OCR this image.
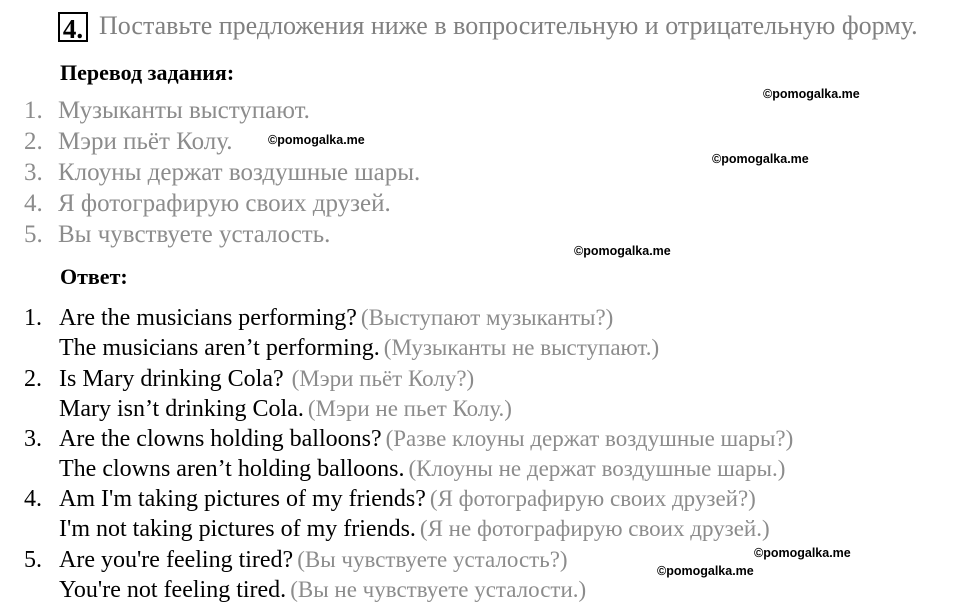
4. Поставьте предложения ниже в вопросительную и отрицательную форму.
Перевод задания:
1. Музыканты выступают.
2. Мэри пьёт Колу.
3. Клоуны держат воздушные шары.
4. Я фотографирую своих друзей.
5. Вы чувствуете усталость.
Ответ:
1. Are the musicians performing? (Выступают музыканты?)
The musicians aren’t performing. (Музыканты не выступают.)
2. Is Mary drinking Cola? (Мэри пьёт Колу?)
Mary isn’t drinking Cola. (Мэри не пьет Колу.)
3. Are the clowns holding balloons? (Разве клоуны держат воздушные шары?)
The clowns aren’t holding balloons. (Клоуны не держат воздушные шары.)
4. Am I'm taking pictures of my friends? (Я фотографирую своих друзей?)
I'm not taking pictures of my friends. (Я не фотографирую своих друзей.)
5. Are you're feeling tired? (Вы чувствуете усталость?)
You're not feeling tired. (Вы не чувствуете усталости.)
©pomogalka.me
©pomogalka.me
©pomogalka.me
©pomogalka.me
©pomogalka.me
©pomogalka.me
